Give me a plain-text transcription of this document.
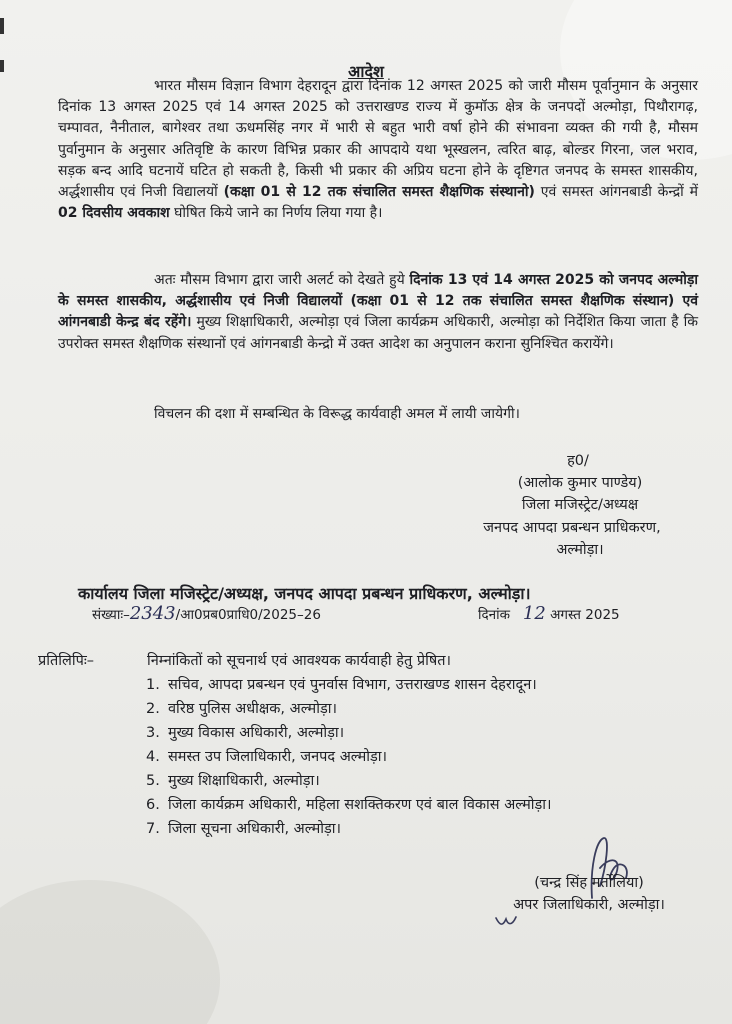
आदेश
भारत मौसम विज्ञान विभाग देहरादून द्वारा दिनांक 12 अगस्त 2025 को जारी मौसम पूर्वानुमान के अनुसार दिनांक 13 अगस्त 2025 एवं 14 अगस्त 2025 को उत्तराखण्ड राज्य में कुमॉऊ क्षेत्र के जनपदों अल्मोड़ा, पिथौरागढ़, चम्पावत, नैनीताल, बागेश्वर तथा ऊधमसिंह नगर में भारी से बहुत भारी वर्षा होने की संभावना व्यक्त की गयी है, मौसम पुर्वानुमान के अनुसार अतिवृष्टि के कारण विभिन्न प्रकार की आपदाये यथा भूस्खलन, त्वरित बाढ़, बोल्डर गिरना, जल भराव, सड़क बन्द आदि घटनायें घटित हो सकती है, किसी भी प्रकार की अप्रिय घटना होने के दृष्टिगत जनपद के समस्त शासकीय, अर्द्धशासीय एवं निजी विद्यालयों (कक्षा 01 से 12 तक संचालित समस्त शैक्षणिक संस्थानो) एवं समस्त आंगनबाडी केन्द्रों में 02 दिवसीय अवकाश घोषित किये जाने का निर्णय लिया गया है।
अतः मौसम विभाग द्वारा जारी अलर्ट को देखते हुये दिनांक 13 एवं 14 अगस्त 2025 को जनपद अल्मोड़ा के समस्त शासकीय, अर्द्धशासीय एवं निजी विद्यालयों (कक्षा 01 से 12 तक संचालित समस्त शैक्षणिक संस्थान) एवं आंगनबाडी केन्द्र बंद रहेंगे। मुख्य शिक्षाधिकारी, अल्मोड़ा एवं जिला कार्यक्रम अधिकारी, अल्मोड़ा को निर्देशित किया जाता है कि उपरोक्त समस्त शैक्षणिक संस्थानों एवं आंगनबाडी केन्द्रो में उक्त आदेश का अनुपालन कराना सुनिश्चित करायेंगे।
विचलन की दशा में सम्बन्धित के विरूद्ध कार्यवाही अमल में लायी जायेगी।
ह0/
(आलोक कुमार पाण्डेय)
जिला मजिस्ट्रेट/अध्यक्ष
जनपद आपदा प्रबन्धन प्राधिकरण,
अल्मोड़ा।
कार्यालय जिला मजिस्ट्रेट/अध्यक्ष, जनपद आपदा प्रबन्धन प्राधिकरण, अल्मोड़ा।
संख्याः–2343/आ0प्रब0प्राधि0/2025–26	दिनांक 12 अगस्त 2025
प्रतिलिपिः–	निम्नांकितों को सूचनार्थ एवं आवश्यक कार्यवाही हेतु प्रेषित।
1. सचिव, आपदा प्रबन्धन एवं पुनर्वास विभाग, उत्तराखण्ड शासन देहरादून।
2. वरिष्ठ पुलिस अधीक्षक, अल्मोड़ा।
3. मुख्य विकास अधिकारी, अल्मोड़ा।
4. समस्त उप जिलाधिकारी, जनपद अल्मोड़ा।
5. मुख्य शिक्षाधिकारी, अल्मोड़ा।
6. जिला कार्यक्रम अधिकारी, महिला सशक्तिकरण एवं बाल विकास अल्मोड़ा।
7. जिला सूचना अधिकारी, अल्मोड़ा।
(चन्द्र सिंह मर्तोलिया)
अपर जिलाधिकारी, अल्मोड़ा।
